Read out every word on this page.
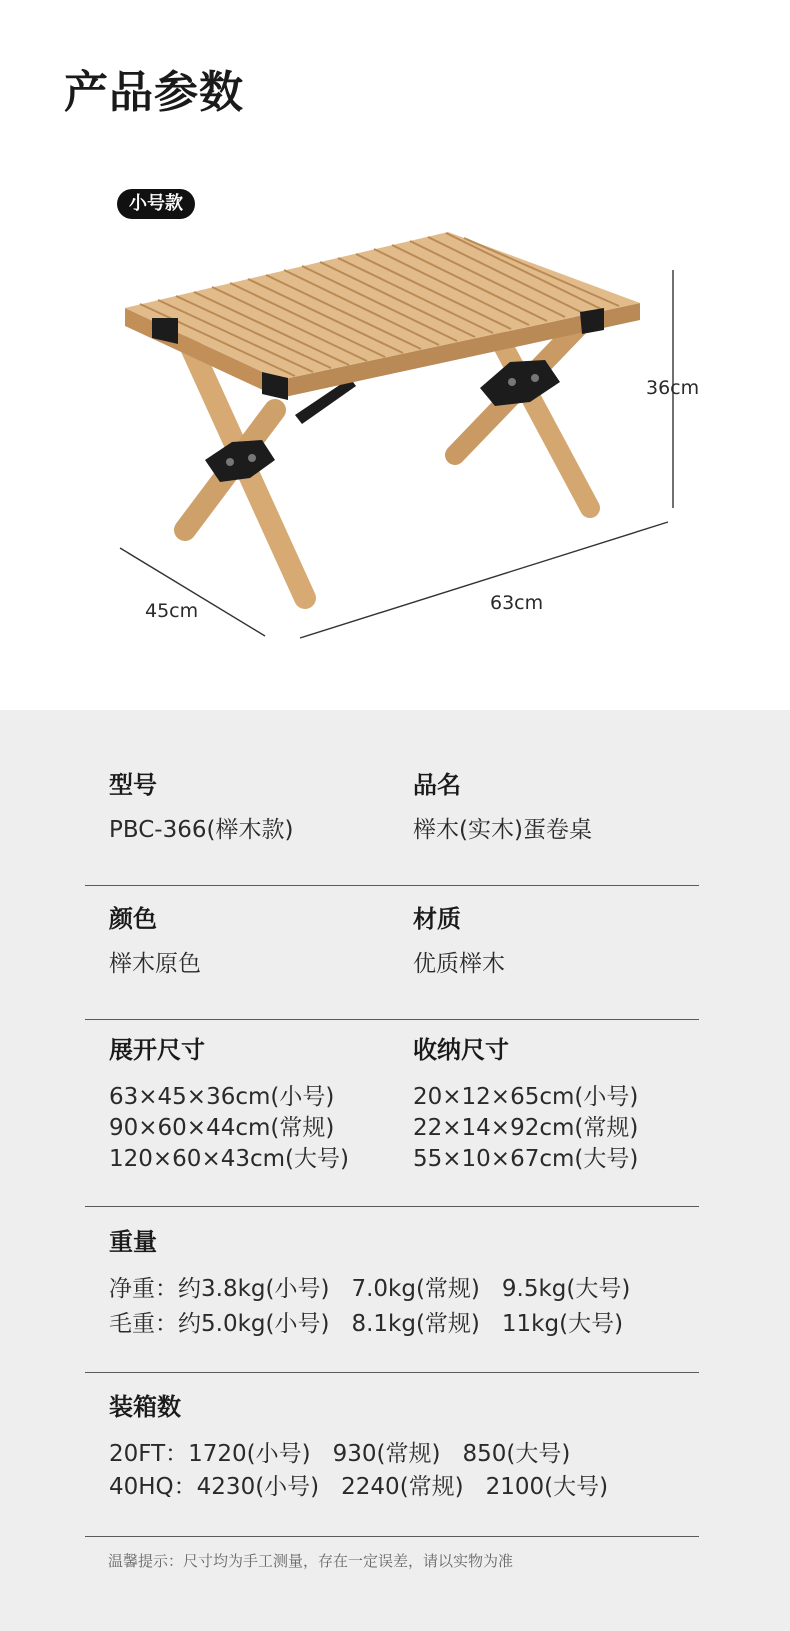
产品参数
小号款
36cm
45cm	63cm
型号
PBC-366(榉木款)
品名
榉木(实木)蛋卷桌
颜色
榉木原色
材质
优质榉木
展开尺寸
63×45×36cm(小号)
90×60×44cm(常规)
120×60×43cm(大号)
收纳尺寸
20×12×65cm(小号)
22×14×92cm(常规)
55×10×67cm(大号)
重量
净重：约3.8kg(小号) 7.0kg(常规) 9.5kg(大号)
毛重：约5.0kg(小号) 8.1kg(常规) 11kg(大号)
装箱数
20FT：1720(小号) 930(常规) 850(大号)
40HQ：4230(小号) 2240(常规) 2100(大号)
温馨提示：尺寸均为手工测量，存在一定误差，请以实物为准
